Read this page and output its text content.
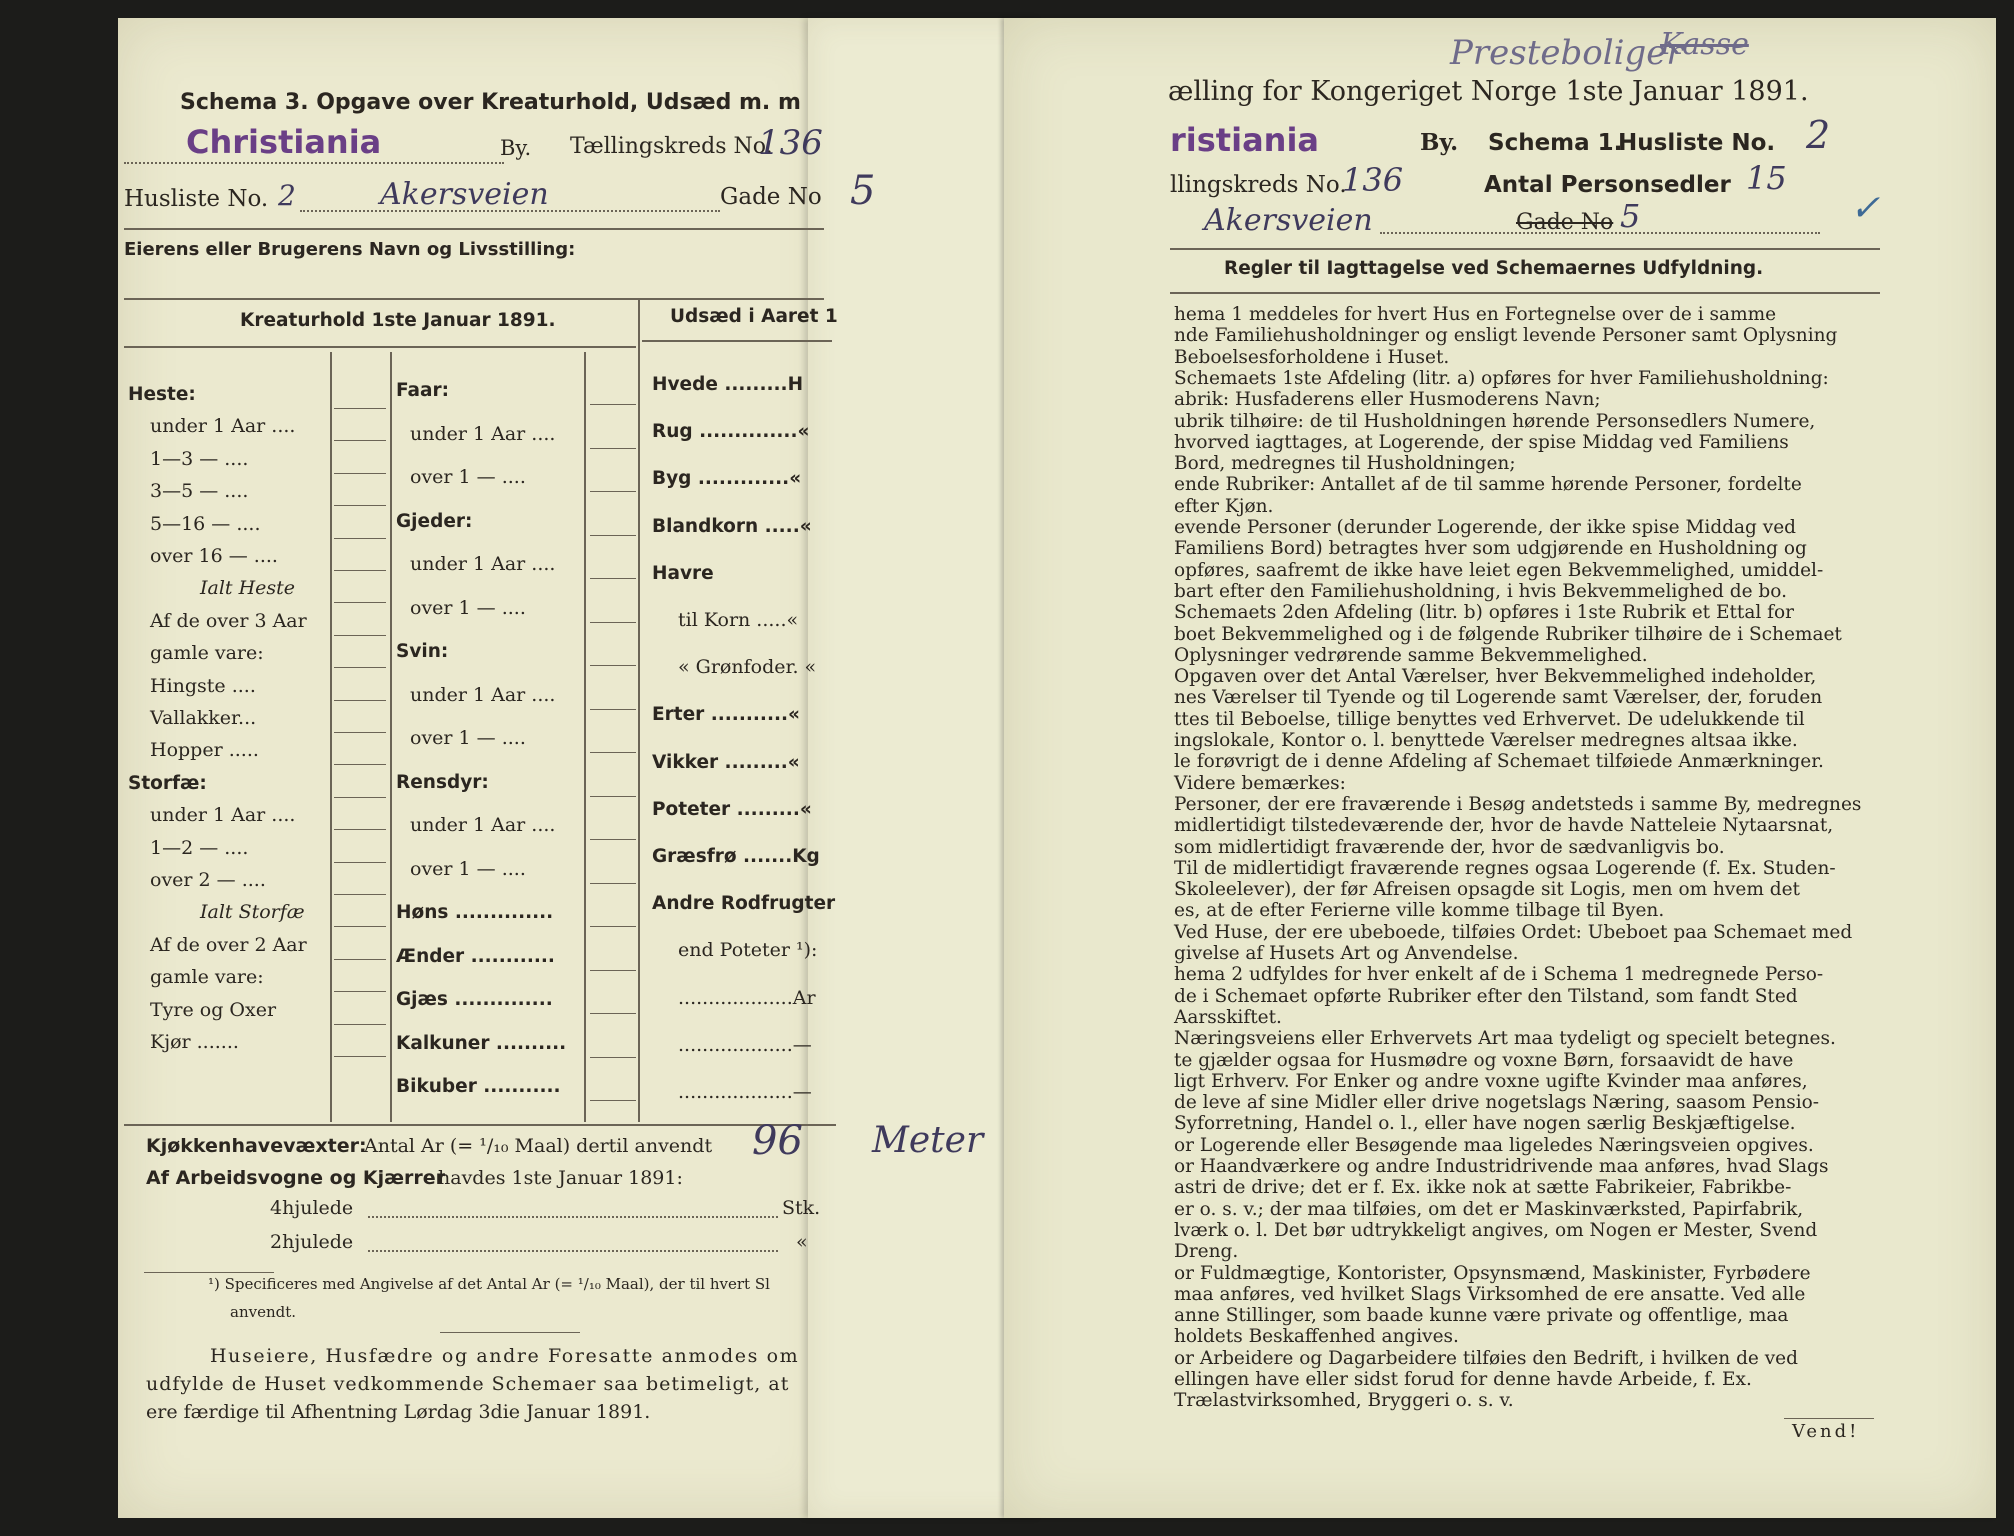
Schema 3. Opgave over Kreaturhold, Udsæd m. m
Christiania	By. Tællingskreds No.
136
Husliste No. 2	Akersveien	Gade No 5
Eierens eller Brugerens Navn og Livsstilling:
Kreaturhold 1ste Januar 1891.	Udsæd i Aaret 1
Heste:
under 1 Aar ....
1—3 — ....
3—5 — ....
5—16 — ....
over 16 — ....
Ialt Heste
Af de over 3 Aar
gamle vare:
Hingste ....
Vallakker...
Hopper .....
Storfæ:
under 1 Aar ....
1—2 — ....
over 2 — ....
Ialt Storfæ
Af de over 2 Aar
gamle vare:
Tyre og Oxer
Kjør .......
Faar:
under 1 Aar ....
over 1 — ....
Gjeder:
under 1 Aar ....
over 1 — ....
Svin:
under 1 Aar ....
over 1 — ....
Rensdyr:
under 1 Aar ....
over 1 — ....
Høns ..............
Ænder ............
Gjæs ..............
Kalkuner ..........
Bikuber ...........
Hvede .........H
Rug ..............«
Byg .............«
Blandkorn .....«
Havre
til Korn .....«
« Grønfoder. «
Erter ...........«
Vikker .........«
Poteter .........«
Græsfrø .......Kg
Andre Rodfrugter
end Poteter ¹):
...................Ar
...................—
...................—
Kjøkkenhavevæxter:
Antal Ar (= ¹/₁₀ Maal) dertil anvendt 96 Meter
Af Arbeidsvogne og Kjærrer
havdes 1ste Januar 1891:
4hjulede	Stk.
2hjulede	«
¹) Specificeres med Angivelse af det Antal Ar (= ¹/₁₀ Maal), der til hvert Sl
anvendt.
Huseiere, Husfædre og andre Foresatte anmodes om
udfylde de Huset vedkommende Schemaer saa betimeligt, at
ere færdige til Afhentning Lørdag 3die Januar 1891.
Presteboliger
Kasse
ælling for Kongeriget Norge 1ste Januar 1891.
ristiania	By. Schema 1.
Husliste No. 2
llingskreds No.
136	Antal Personsedler 15
Akersveien	Gade No 5	✓
Regler til Iagttagelse ved Schemaernes Udfyldning.
hema 1 meddeles for hvert Hus en Fortegnelse over de i samme
nde Familiehusholdninger og ensligt levende Personer samt Oplysning
Beboelsesforholdene i Huset.
Schemaets 1ste Afdeling (litr. a) opføres for hver Familiehusholdning:
abrik: Husfaderens eller Husmoderens Navn;
ubrik tilhøire: de til Husholdningen hørende Personsedlers Numere,
hvorved iagttages, at Logerende, der spise Middag ved Familiens
Bord, medregnes til Husholdningen;
ende Rubriker: Antallet af de til samme hørende Personer, fordelte
efter Kjøn.
evende Personer (derunder Logerende, der ikke spise Middag ved
Familiens Bord) betragtes hver som udgjørende en Husholdning og
opføres, saafremt de ikke have leiet egen Bekvemmelighed, umiddel-
bart efter den Familiehusholdning, i hvis Bekvemmelighed de bo.
Schemaets 2den Afdeling (litr. b) opføres i 1ste Rubrik et Ettal for
boet Bekvemmelighed og i de følgende Rubriker tilhøire de i Schemaet
Oplysninger vedrørende samme Bekvemmelighed.
Opgaven over det Antal Værelser, hver Bekvemmelighed indeholder,
nes Værelser til Tyende og til Logerende samt Værelser, der, foruden
ttes til Beboelse, tillige benyttes ved Erhvervet. De udelukkende til
ingslokale, Kontor o. l. benyttede Værelser medregnes altsaa ikke.
le forøvrigt de i denne Afdeling af Schemaet tilføiede Anmærkninger.
Videre bemærkes:
Personer, der ere fraværende i Besøg andetsteds i samme By, medregnes
midlertidigt tilstedeværende der, hvor de havde Natteleie Nytaarsnat,
som midlertidigt fraværende der, hvor de sædvanligvis bo.
Til de midlertidigt fraværende regnes ogsaa Logerende (f. Ex. Studen-
Skoleelever), der før Afreisen opsagde sit Logis, men om hvem det
es, at de efter Ferierne ville komme tilbage til Byen.
Ved Huse, der ere ubeboede, tilføies Ordet: Ubeboet paa Schemaet med
givelse af Husets Art og Anvendelse.
hema 2 udfyldes for hver enkelt af de i Schema 1 medregnede Perso-
de i Schemaet opførte Rubriker efter den Tilstand, som fandt Sted
Aarsskiftet.
Næringsveiens eller Erhvervets Art maa tydeligt og specielt betegnes.
te gjælder ogsaa for Husmødre og voxne Børn, forsaavidt de have
ligt Erhverv. For Enker og andre voxne ugifte Kvinder maa anføres,
de leve af sine Midler eller drive nogetslags Næring, saasom Pensio-
Syforretning, Handel o. l., eller have nogen særlig Beskjæftigelse.
or Logerende eller Besøgende maa ligeledes Næringsveien opgives.
or Haandværkere og andre Industridrivende maa anføres, hvad Slags
astri de drive; det er f. Ex. ikke nok at sætte Fabrikeier, Fabrikbe-
er o. s. v.; der maa tilføies, om det er Maskinværksted, Papirfabrik,
lværk o. l. Det bør udtrykkeligt angives, om Nogen er Mester, Svend
Dreng.
or Fuldmægtige, Kontorister, Opsynsmænd, Maskinister, Fyrbødere
maa anføres, ved hvilket Slags Virksomhed de ere ansatte. Ved alle
anne Stillinger, som baade kunne være private og offentlige, maa
holdets Beskaffenhed angives.
or Arbeidere og Dagarbeidere tilføies den Bedrift, i hvilken de ved
ellingen have eller sidst forud for denne havde Arbeide, f. Ex.
Trælastvirksomhed, Bryggeri o. s. v.
Vend!
